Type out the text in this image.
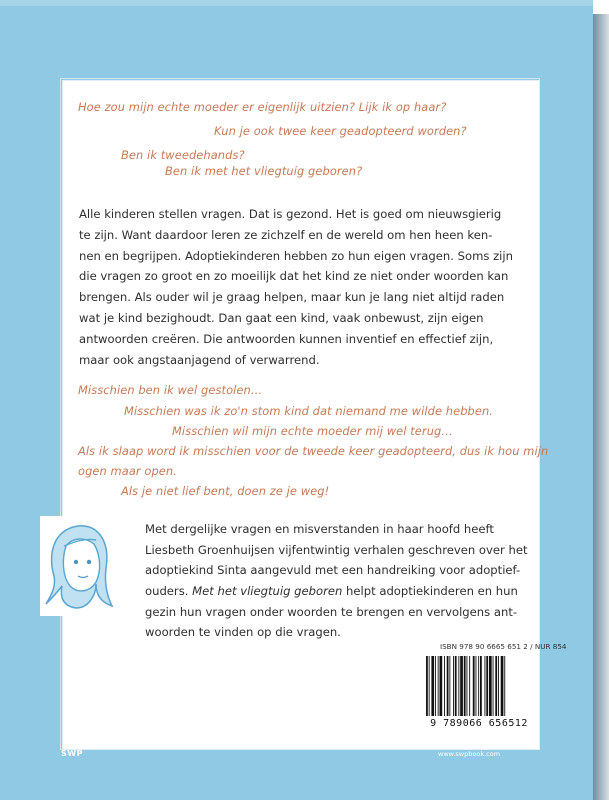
Hoe zou mijn echte moeder er eigenlijk uitzien? Lijk ik op haar?
Kun je ook twee keer geadopteerd worden?
Ben ik tweedehands?
Ben ik met het vliegtuig geboren?
Alle kinderen stellen vragen. Dat is gezond. Het is goed om nieuwsgierig
te zijn. Want daardoor leren ze zichzelf en de wereld om hen heen ken-
nen en begrijpen. Adoptiekinderen hebben zo hun eigen vragen. Soms zijn
die vragen zo groot en zo moeilijk dat het kind ze niet onder woorden kan
brengen. Als ouder wil je graag helpen, maar kun je lang niet altijd raden
wat je kind bezighoudt. Dan gaat een kind, vaak onbewust, zijn eigen
antwoorden creëren. Die antwoorden kunnen inventief en effectief zijn,
maar ook angstaanjagend of verwarrend.
Misschien ben ik wel gestolen…
Misschien was ik zo'n stom kind dat niemand me wilde hebben.
Misschien wil mijn echte moeder mij wel terug…
Als ik slaap word ik misschien voor de tweede keer geadopteerd, dus ik hou mijn
ogen maar open.
Als je niet lief bent, doen ze je weg!
Met dergelijke vragen en misverstanden in haar hoofd heeft
Liesbeth Groenhuijsen vijfentwintig verhalen geschreven over het
adoptiekind Sinta aangevuld met een handreiking voor adoptief-
ouders. Met het vliegtuig geboren helpt adoptiekinderen en hun
gezin hun vragen onder woorden te brengen en vervolgens ant-
woorden te vinden op die vragen.
ISBN 978 90 6665 651 2 / NUR 854
9 789066 656512
SWP	www.swpbook.com
